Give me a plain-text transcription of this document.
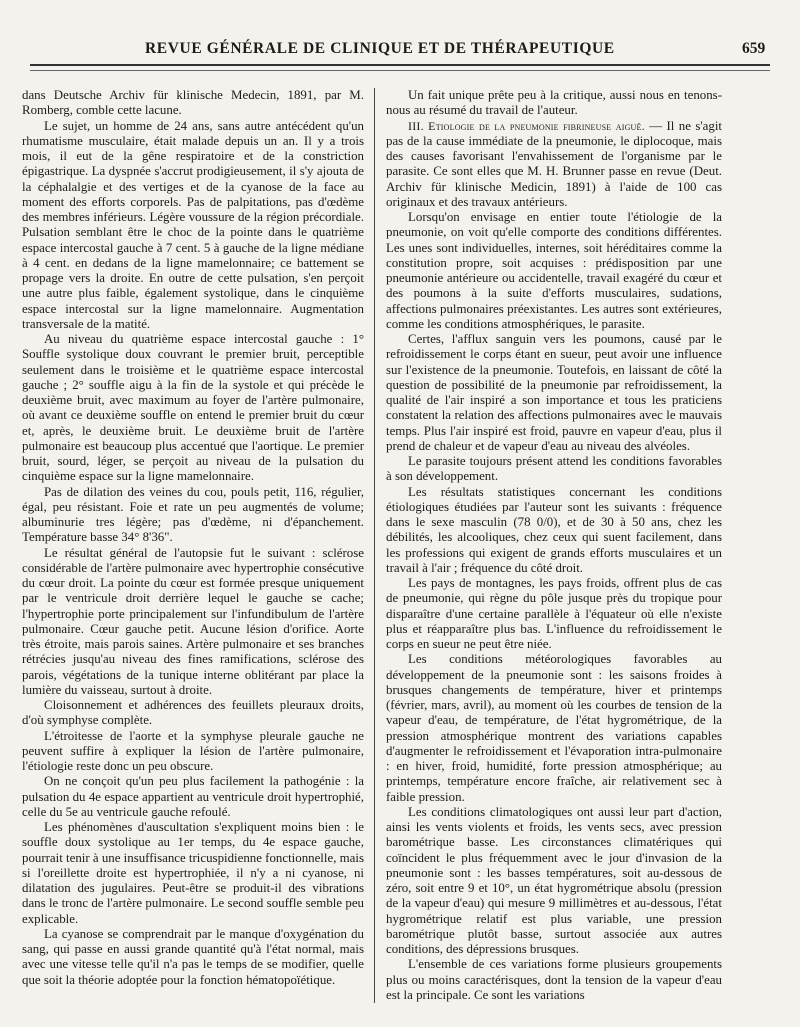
REVUE GÉNÉRALE DE CLINIQUE ET DE THÉRAPEUTIQUE	659

dans Deutsche Archiv für klinische Medecin, 1891, par M. Romberg, comble cette lacune.

Le sujet, un homme de 24 ans, sans autre antécédent qu'un rhumatisme musculaire, était malade depuis un an. Il y a trois mois, il eut de la gêne respiratoire et de la constriction épigastrique. La dyspnée s'accrut prodigieusement, il s'y ajouta de la céphalalgie et des vertiges et de la cyanose de la face au moment des efforts corporels. Pas de palpitations, pas d'œdème des membres inférieurs. Légère voussure de la région précordiale. Pulsation semblant être le choc de la pointe dans le quatrième espace intercostal gauche à 7 cent. 5 à gauche de la ligne médiane à 4 cent. en dedans de la ligne mamelonnaire; ce battement se propage vers la droite. En outre de cette pulsation, s'en perçoit une autre plus faible, également systolique, dans le cinquième espace intercostal sur la ligne mamelonnaire. Augmentation transversale de la matité.

Au niveau du quatrième espace intercostal gauche : 1° Souffle systolique doux couvrant le premier bruit, perceptible seulement dans le troisième et le quatrième espace intercostal gauche ; 2° souffle aigu à la fin de la systole et qui précède le deuxième bruit, avec maximum au foyer de l'artère pulmonaire, où avant ce deuxième souffle on entend le premier bruit du cœur et, après, le deuxième bruit. Le deuxième bruit de l'artère pulmonaire est beaucoup plus accentué que l'aortique. Le premier bruit, sourd, léger, se perçoit au niveau de la pulsation du cinquième espace sur la ligne mamelonnaire.

Pas de dilation des veines du cou, pouls petit, 116, régulier, égal, peu résistant. Foie et rate un peu augmentés de volume; albuminurie tres légère; pas d'œdème, ni d'épanchement. Température basse 34° 8'36".

Le résultat général de l'autopsie fut le suivant : sclérose considérable de l'artère pulmonaire avec hypertrophie consécutive du cœur droit. La pointe du cœur est formée presque uniquement par le ventricule droit derrière lequel le gauche se cache; l'hypertrophie porte principalement sur l'infundibulum de l'artère pulmonaire. Cœur gauche petit. Aucune lésion d'orifice. Aorte très étroite, mais parois saines. Artère pulmonaire et ses branches rétrécies jusqu'au niveau des fines ramifications, sclérose des parois, végétations de la tunique interne oblitérant par place la lumière du vaisseau, surtout à droite.

Cloisonnement et adhérences des feuillets pleuraux droits, d'où symphyse complète.

L'étroitesse de l'aorte et la symphyse pleurale gauche ne peuvent suffire à expliquer la lésion de l'artère pulmonaire, l'étiologie reste donc un peu obscure.

On ne conçoit qu'un peu plus facilement la pathogénie : la pulsation du 4e espace appartient au ventricule droit hypertrophié, celle du 5e au ventricule gauche refoulé.

Les phénomènes d'auscultation s'expliquent moins bien : le souffle doux systolique au 1er temps, du 4e espace gauche, pourrait tenir à une insuffisance tricuspidienne fonctionnelle, mais si l'oreillette droite est hypertrophiée, il n'y a ni cyanose, ni dilatation des jugulaires. Peut-être se produit-il des vibrations dans le tronc de l'artère pulmonaire. Le second souffle semble peu explicable.

La cyanose se comprendrait par le manque d'oxygénation du sang, qui passe en aussi grande quantité qu'à l'état normal, mais avec une vitesse telle qu'il n'a pas le temps de se modifier, quelle que soit la théorie adoptée pour la fonction hématopoïétique.

Un fait unique prête peu à la critique, aussi nous en tenons-nous au résumé du travail de l'auteur.

III. Etiologie de la pneumonie fibrineuse aiguë. — Il ne s'agit pas de la cause immédiate de la pneumonie, le diplocoque, mais des causes favorisant l'envahissement de l'organisme par le parasite. Ce sont elles que M. H. Brunner passe en revue (Deut. Archiv für klinische Medicin, 1891) à l'aide de 100 cas originaux et des travaux antérieurs.

Lorsqu'on envisage en entier toute l'étiologie de la pneumonie, on voit qu'elle comporte des conditions différentes. Les unes sont individuelles, internes, soit héréditaires comme la constitution propre, soit acquises : prédisposition par une pneumonie antérieure ou accidentelle, travail exagéré du cœur et des poumons à la suite d'efforts musculaires, sudations, affections pulmonaires préexistantes. Les autres sont extérieures, comme les conditions atmosphériques, le parasite.

Certes, l'afflux sanguin vers les poumons, causé par le refroidissement le corps étant en sueur, peut avoir une influence sur l'existence de la pneumonie. Toutefois, en laissant de côté la question de possibilité de la pneumonie par refroidissement, la qualité de l'air inspiré a son importance et tous les praticiens constatent la relation des affections pulmonaires avec le mauvais temps. Plus l'air inspiré est froid, pauvre en vapeur d'eau, plus il prend de chaleur et de vapeur d'eau au niveau des alvéoles.

Le parasite toujours présent attend les conditions favorables à son développement.

Les résultats statistiques concernant les conditions étiologiques étudiées par l'auteur sont les suivants : fréquence dans le sexe masculin (78 0/0), et de 30 à 50 ans, chez les débilités, les alcooliques, chez ceux qui suent facilement, dans les professions qui exigent de grands efforts musculaires et un travail à l'air ; fréquence du côté droit.

Les pays de montagnes, les pays froids, offrent plus de cas de pneumonie, qui règne du pôle jusque près du tropique pour disparaître d'une certaine parallèle à l'équateur où elle n'existe plus et réapparaître plus bas. L'influence du refroidissement le corps en sueur ne peut être niée.

Les conditions météorologiques favorables au développement de la pneumonie sont : les saisons froides à brusques changements de température, hiver et printemps (février, mars, avril), au moment où les courbes de tension de la vapeur d'eau, de température, de l'état hygrométrique, de la pression atmosphérique montrent des variations capables d'augmenter le refroidissement et l'évaporation intra-pulmonaire : en hiver, froid, humidité, forte pression atmosphérique; au printemps, température encore fraîche, air relativement sec à faible pression.

Les conditions climatologiques ont aussi leur part d'action, ainsi les vents violents et froids, les vents secs, avec pression barométrique basse. Les circonstances climatériques qui coïncident le plus fréquemment avec le jour d'invasion de la pneumonie sont : les basses températures, soit au-dessous de zéro, soit entre 9 et 10°, un état hygrométrique absolu (pression de la vapeur d'eau) qui mesure 9 millimètres et au-dessous, l'état hygrométrique relatif est plus variable, une pression barométrique plutôt basse, surtout associée aux autres conditions, des dépressions brusques.

L'ensemble de ces variations forme plusieurs groupements plus ou moins caractérisques, dont la tension de la vapeur d'eau est la principale. Ce sont les variations
